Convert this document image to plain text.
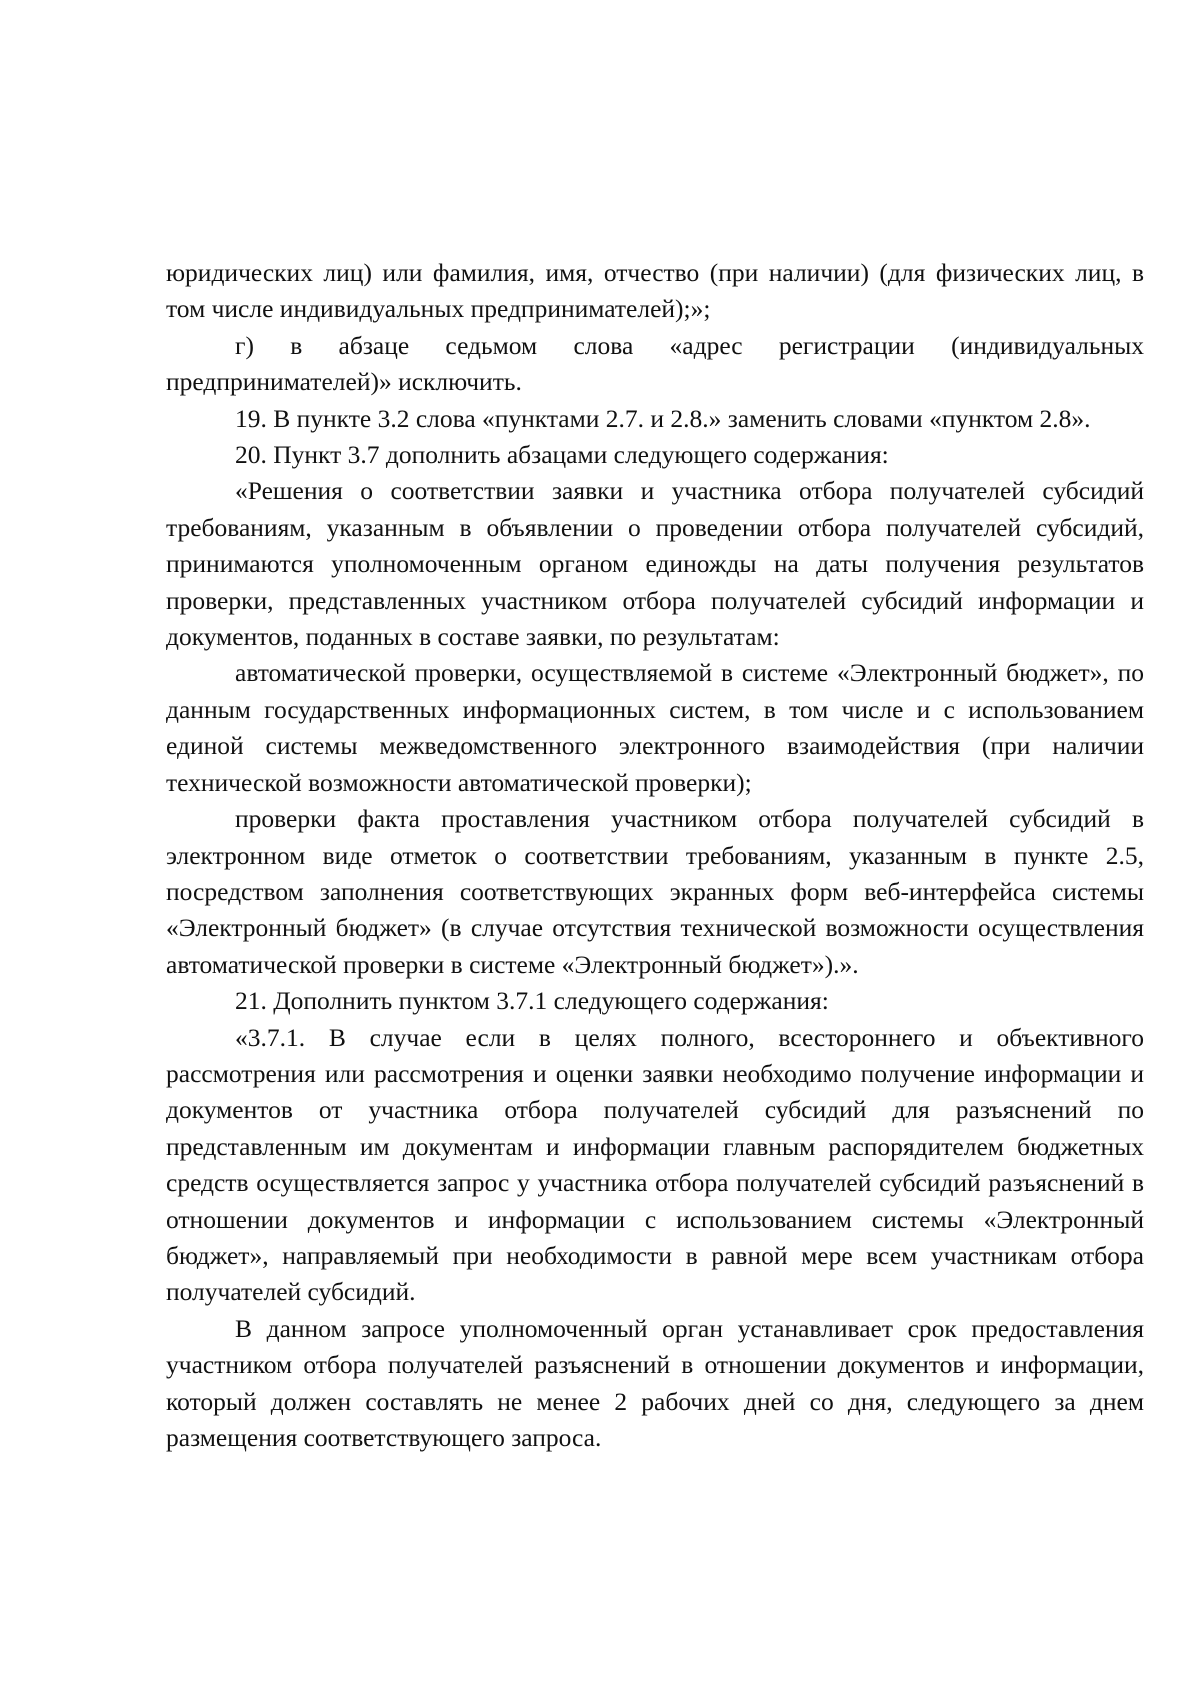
юридических лиц) или фамилия, имя, отчество (при наличии) (для физических лиц, в том числе индивидуальных предпринимателей);»;

г) в абзаце седьмом слова «адрес регистрации (индивидуальных предпринимателей)» исключить.

19. В пункте 3.2 слова «пунктами 2.7. и 2.8.» заменить словами «пунктом 2.8».

20. Пункт 3.7 дополнить абзацами следующего содержания:

«Решения о соответствии заявки и участника отбора получателей субсидий требованиям, указанным в объявлении о проведении отбора получателей субсидий, принимаются уполномоченным органом единожды на даты получения результатов проверки, представленных участником отбора получателей субсидий информации и документов, поданных в составе заявки, по результатам:

автоматической проверки, осуществляемой в системе «Электронный бюджет», по данным государственных информационных систем, в том числе и с использованием единой системы межведомственного электронного взаимодействия (при наличии технической возможности автоматической проверки);

проверки факта проставления участником отбора получателей субсидий в электронном виде отметок о соответствии требованиям, указанным в пункте 2.5, посредством заполнения соответствующих экранных форм веб-интерфейса системы «Электронный бюджет» (в случае отсутствия технической возможности осуществления автоматической проверки в системе «Электронный бюджет»).».

21. Дополнить пунктом 3.7.1 следующего содержания:

«3.7.1. В случае если в целях полного, всестороннего и объективного рассмотрения или рассмотрения и оценки заявки необходимо получение информации и документов от участника отбора получателей субсидий для разъяснений по представленным им документам и информации главным распорядителем бюджетных средств осуществляется запрос у участника отбора получателей субсидий разъяснений в отношении документов и информации с использованием системы «Электронный бюджет», направляемый при необходимости в равной мере всем участникам отбора получателей субсидий.

В данном запросе уполномоченный орган устанавливает срок предоставления участником отбора получателей разъяснений в отношении документов и информации, который должен составлять не менее 2 рабочих дней со дня, следующего за днем размещения соответствующего запроса.
